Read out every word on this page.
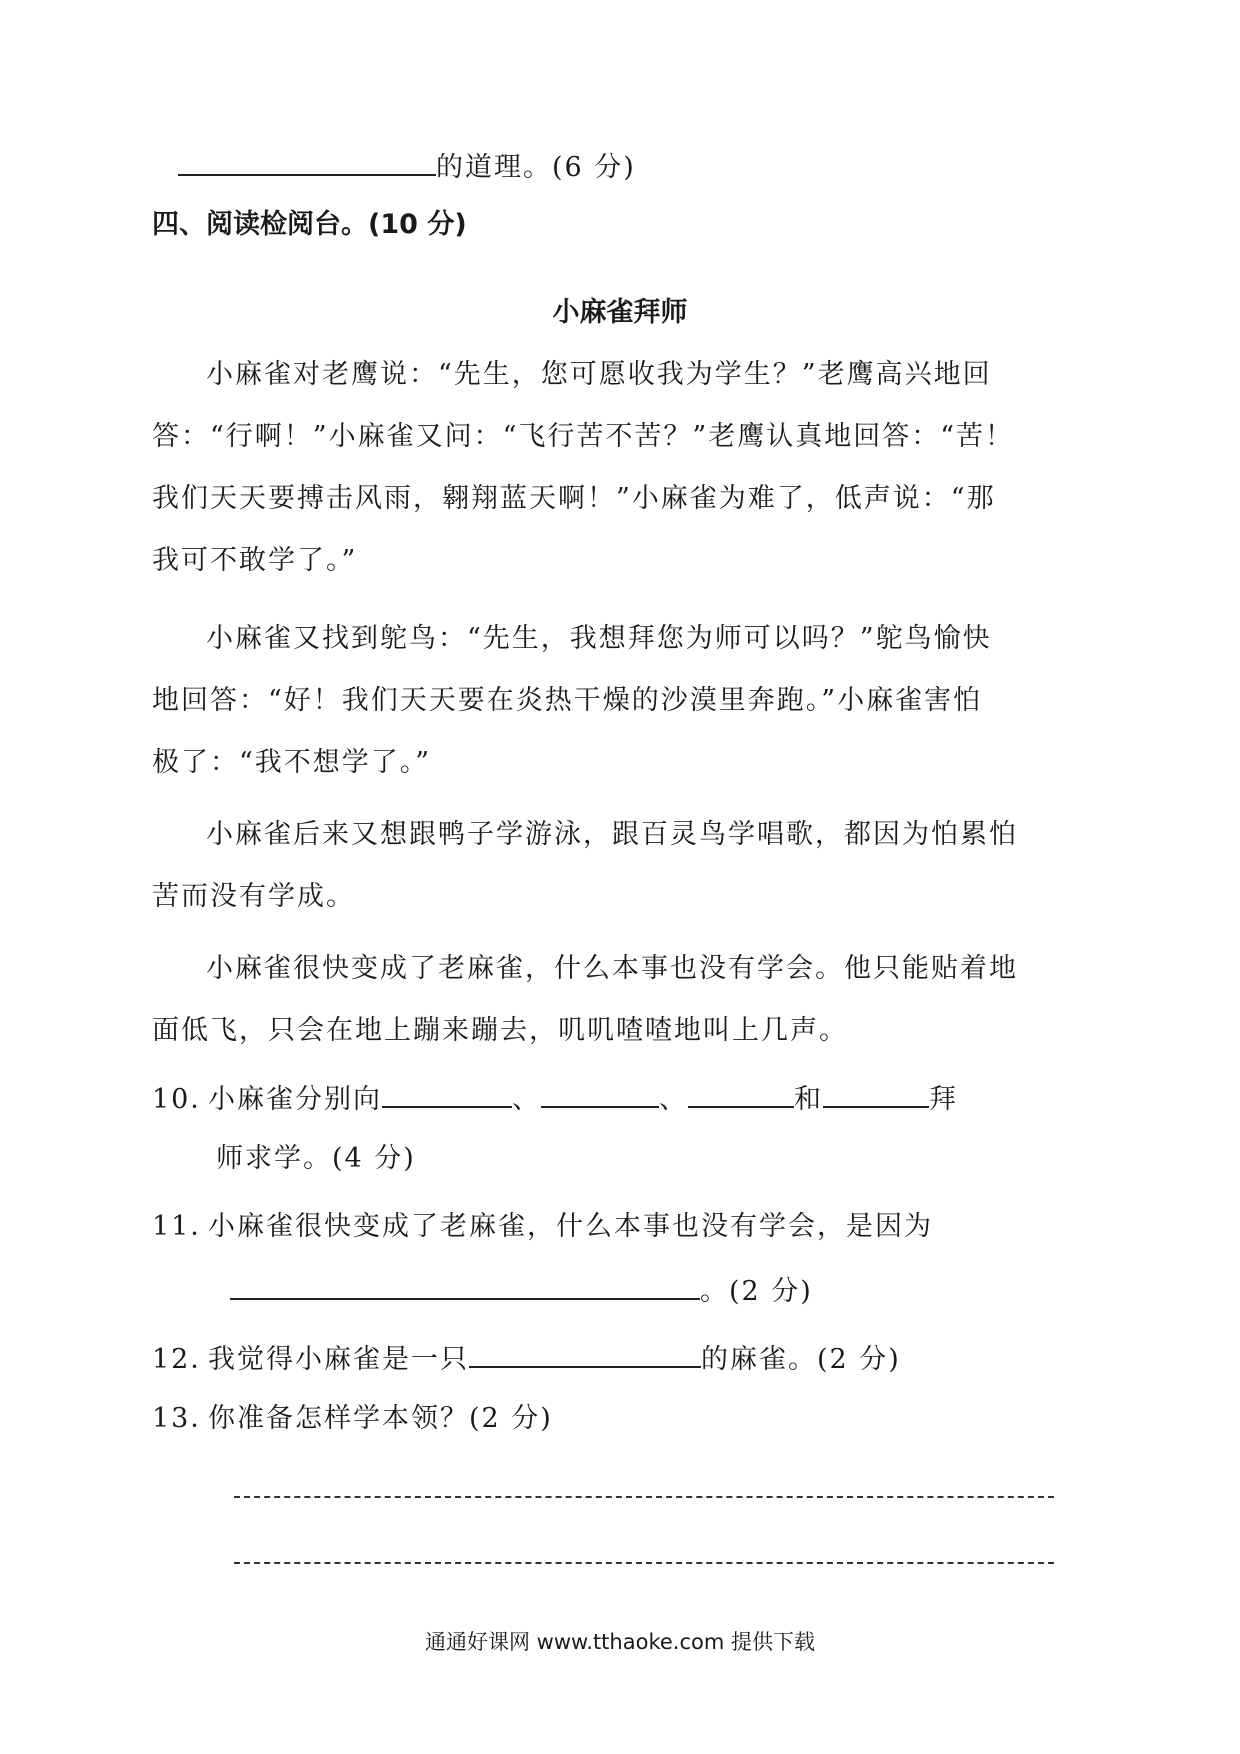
的道理。(6 分)
四、阅读检阅台。(10 分)
小麻雀拜师
小麻雀对老鹰说：“先生，您可愿收我为学生？”老鹰高兴地回
答：“行啊！”小麻雀又问：“飞行苦不苦？”老鹰认真地回答：“苦！
我们天天要搏击风雨，翱翔蓝天啊！”小麻雀为难了，低声说：“那
我可不敢学了。”
小麻雀又找到鸵鸟：“先生，我想拜您为师可以吗？”鸵鸟愉快
地回答：“好！我们天天要在炎热干燥的沙漠里奔跑。”小麻雀害怕
极了：“我不想学了。”
小麻雀后来又想跟鸭子学游泳，跟百灵鸟学唱歌，都因为怕累怕
苦而没有学成。
小麻雀很快变成了老麻雀，什么本事也没有学会。他只能贴着地
面低飞，只会在地上蹦来蹦去，叽叽喳喳地叫上几声。
10．小麻雀分别向	、	、	和	拜
师求学。(4 分)
11．小麻雀很快变成了老麻雀，什么本事也没有学会，是因为
。(2 分)
12．我觉得小麻雀是一只	的麻雀。(2 分)
13．你准备怎样学本领？(2 分)
通通好课网 www.tthaoke.com 提供下载
